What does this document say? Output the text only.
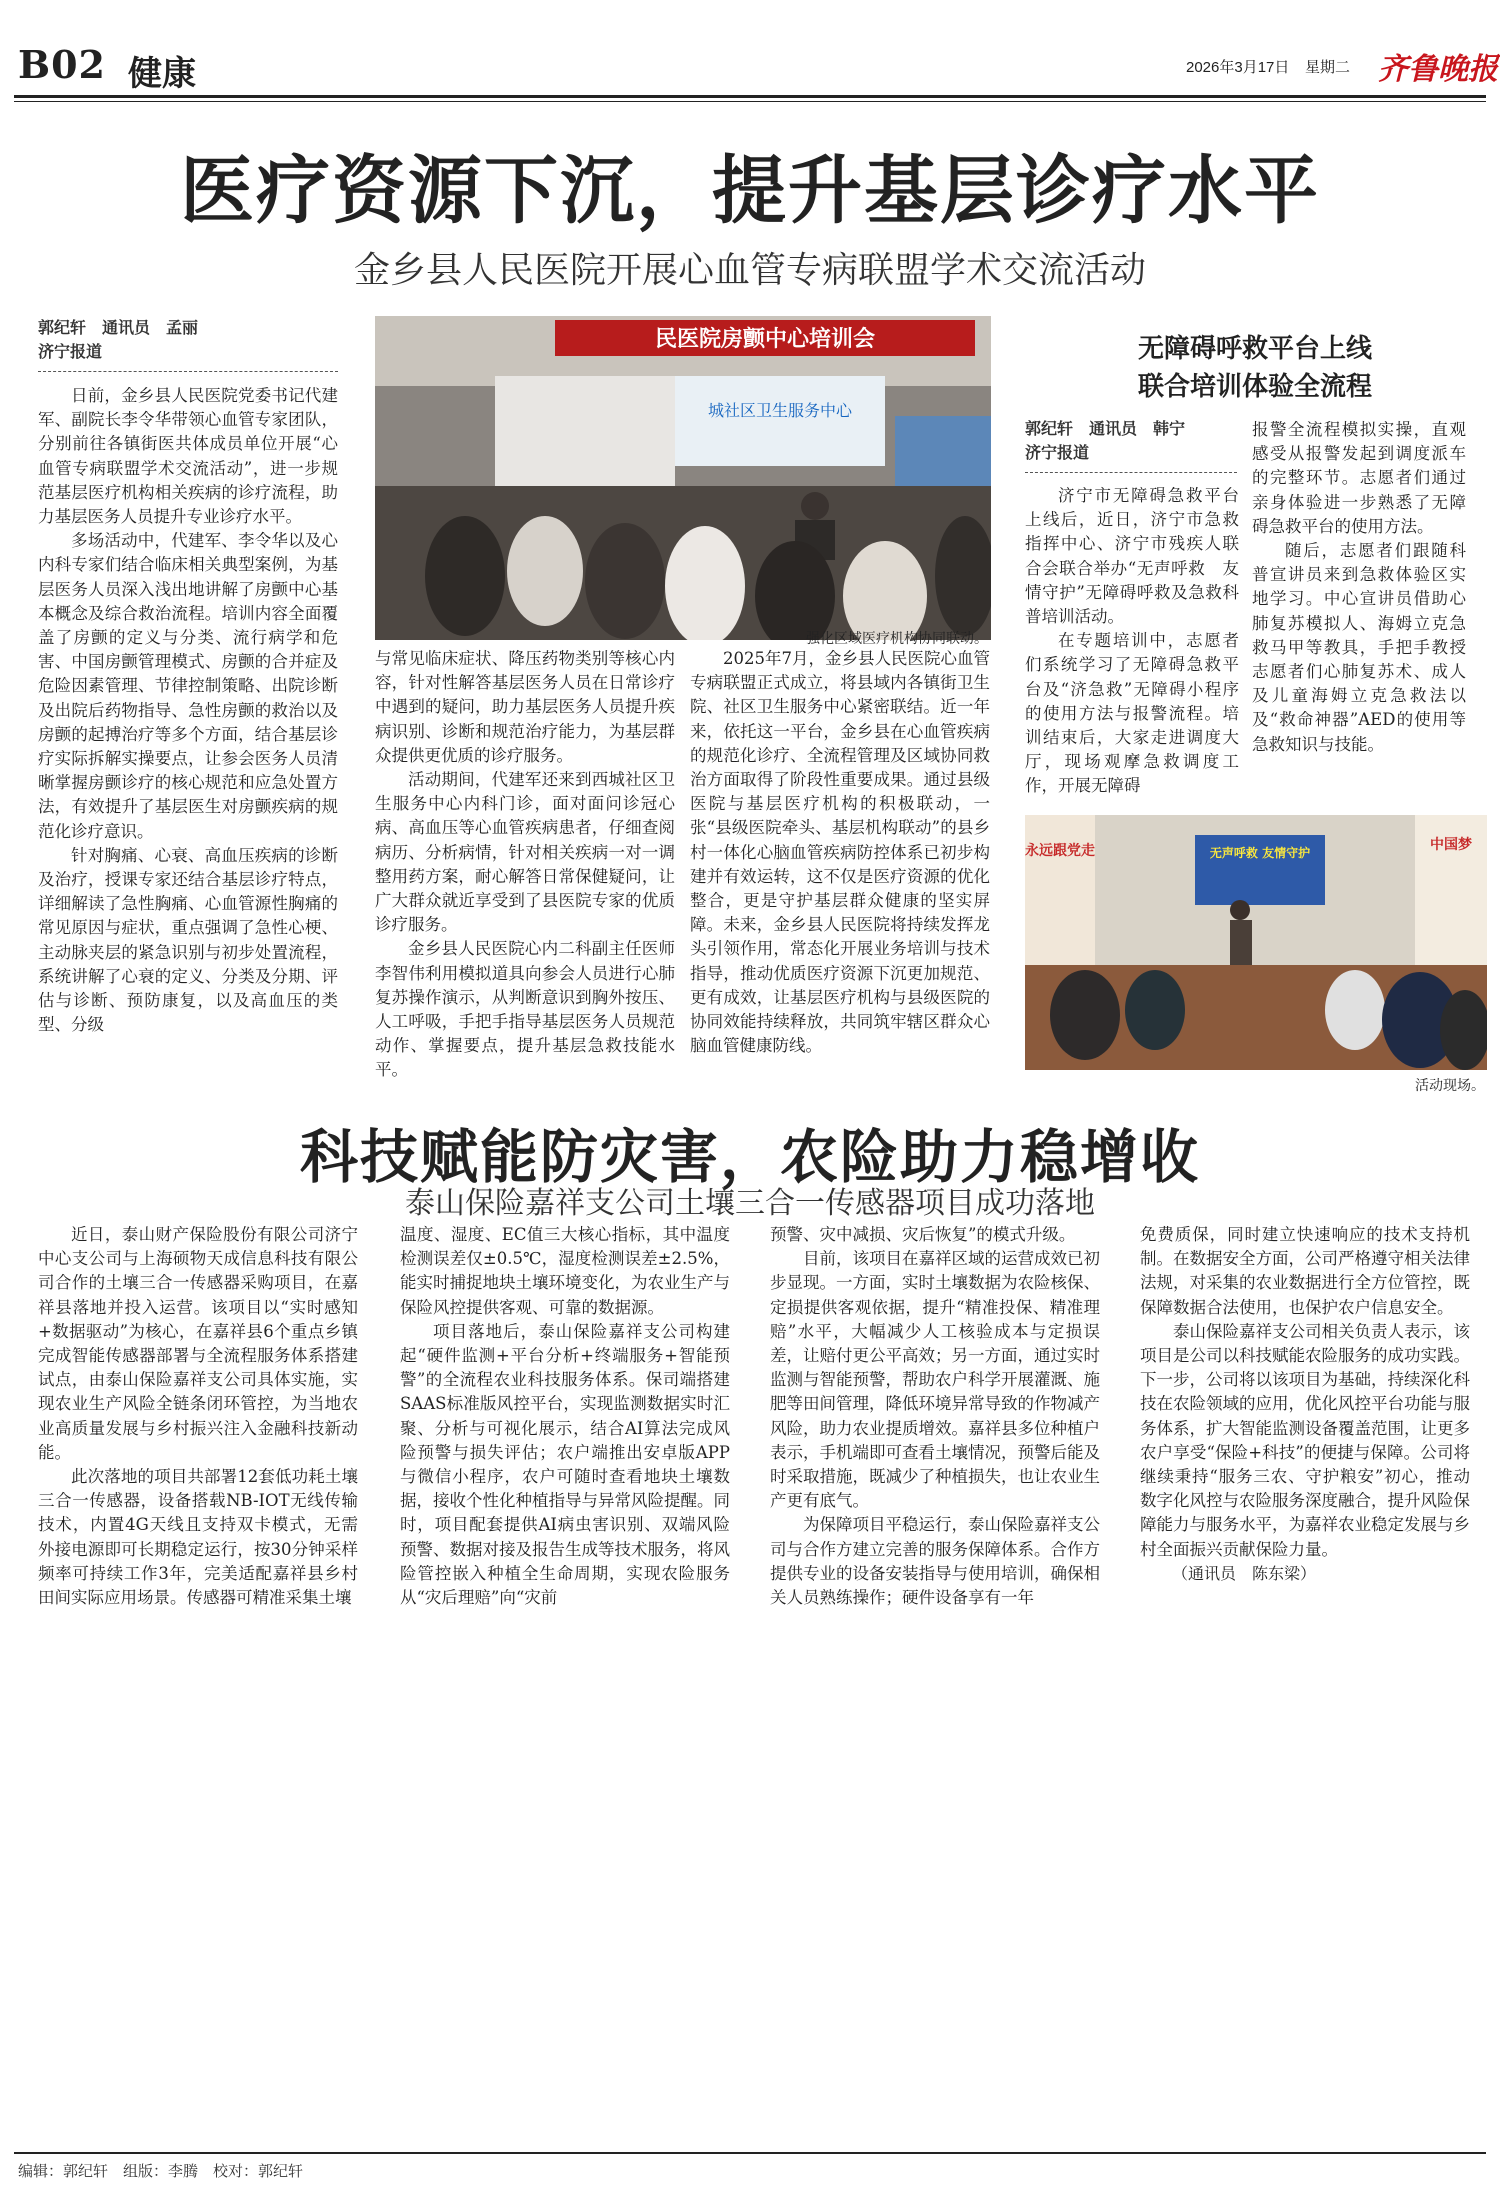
B02 健康	2026年3月17日 星期二 齐鲁晚报
医疗资源下沉，提升基层诊疗水平
金乡县人民医院开展心血管专病联盟学术交流活动
郭纪轩　通讯员　孟丽
济宁报道

日前，金乡县人民医院党委书记代建军、副院长李令华带领心血管专家团队，分别前往各镇街医共体成员单位开展“心血管专病联盟学术交流活动”，进一步规范基层医疗机构相关疾病的诊疗流程，助力基层医务人员提升专业诊疗水平。

多场活动中，代建军、李令华以及心内科专家们结合临床相关典型案例，为基层医务人员深入浅出地讲解了房颤中心基本概念及综合救治流程。培训内容全面覆盖了房颤的定义与分类、流行病学和危害、中国房颤管理模式、房颤的合并症及危险因素管理、节律控制策略、出院诊断及出院后药物指导、急性房颤的救治以及房颤的起搏治疗等多个方面，结合基层诊疗实际拆解实操要点，让参会医务人员清晰掌握房颤诊疗的核心规范和应急处置方法，有效提升了基层医生对房颤疾病的规范化诊疗意识。

针对胸痛、心衰、高血压疾病的诊断及治疗，授课专家还结合基层诊疗特点，详细解读了急性胸痛、心血管源性胸痛的常见原因与症状，重点强调了急性心梗、主动脉夹层的紧急识别与初步处置流程，系统讲解了心衰的定义、分类及分期、评估与诊断、预防康复，以及高血压的类型、分级

民医院房颤中心培训会
城社区卫生服务中心
强化区域医疗机构协同联动。

与常见临床症状、降压药物类别等核心内容，针对性解答基层医务人员在日常诊疗中遇到的疑问，助力基层医务人员提升疾病识别、诊断和规范治疗能力，为基层群众提供更优质的诊疗服务。

活动期间，代建军还来到西城社区卫生服务中心内科门诊，面对面问诊冠心病、高血压等心血管疾病患者，仔细查阅病历、分析病情，针对相关疾病一对一调整用药方案，耐心解答日常保健疑问，让广大群众就近享受到了县医院专家的优质诊疗服务。

金乡县人民医院心内二科副主任医师李智伟利用模拟道具向参会人员进行心肺复苏操作演示，从判断意识到胸外按压、人工呼吸，手把手指导基层医务人员规范动作、掌握要点，提升基层急救技能水平。

2025年7月，金乡县人民医院心血管专病联盟正式成立，将县域内各镇街卫生院、社区卫生服务中心紧密联结。近一年来，依托这一平台，金乡县在心血管疾病的规范化诊疗、全流程管理及区域协同救治方面取得了阶段性重要成果。通过县级医院与基层医疗机构的积极联动，一张“县级医院牵头、基层机构联动”的县乡村一体化心脑血管疾病防控体系已初步构建并有效运转，这不仅是医疗资源的优化整合，更是守护基层群众健康的坚实屏障。未来，金乡县人民医院将持续发挥龙头引领作用，常态化开展业务培训与技术指导，推动优质医疗资源下沉更加规范、更有成效，让基层医疗机构与县级医院的协同效能持续释放，共同筑牢辖区群众心脑血管健康防线。

无障碍呼救平台上线
联合培训体验全流程
郭纪轩　通讯员　韩宁
济宁报道

济宁市无障碍急救平台上线后，近日，济宁市急救指挥中心、济宁市残疾人联合会联合举办“无声呼救　友情守护”无障碍呼救及急救科普培训活动。

在专题培训中，志愿者们系统学习了无障碍急救平台及“济急救”无障碍小程序的使用方法与报警流程。培训结束后，大家走进调度大厅，现场观摩急救调度工作，开展无障碍

报警全流程模拟实操，直观感受从报警发起到调度派车的完整环节。志愿者们通过亲身体验进一步熟悉了无障碍急救平台的使用方法。

随后，志愿者们跟随科普宣讲员来到急救体验区实地学习。中心宣讲员借助心肺复苏模拟人、海姆立克急救马甲等教具，手把手教授志愿者们心肺复苏术、成人及儿童海姆立克急救法以及“救命神器”AED的使用等急救知识与技能。

永远跟党走	无声呼救 友情守护	中国梦
活动现场。
科技赋能防灾害，农险助力稳增收
泰山保险嘉祥支公司土壤三合一传感器项目成功落地

近日，泰山财产保险股份有限公司济宁中心支公司与上海硕物天成信息科技有限公司合作的土壤三合一传感器采购项目，在嘉祥县落地并投入运营。该项目以“实时感知+数据驱动”为核心，在嘉祥县6个重点乡镇完成智能传感器部署与全流程服务体系搭建试点，由泰山保险嘉祥支公司具体实施，实现农业生产风险全链条闭环管控，为当地农业高质量发展与乡村振兴注入金融科技新动能。

此次落地的项目共部署12套低功耗土壤三合一传感器，设备搭载NB-IOT无线传输技术，内置4G天线且支持双卡模式，无需外接电源即可长期稳定运行，按30分钟采样频率可持续工作3年，完美适配嘉祥县乡村田间实际应用场景。传感器可精准采集土壤

温度、湿度、EC值三大核心指标，其中温度检测误差仅±0.5℃，湿度检测误差±2.5%，能实时捕捉地块土壤环境变化，为农业生产与保险风控提供客观、可靠的数据源。

项目落地后，泰山保险嘉祥支公司构建起“硬件监测+平台分析+终端服务+智能预警”的全流程农业科技服务体系。保司端搭建SAAS标准版风控平台，实现监测数据实时汇聚、分析与可视化展示，结合AI算法完成风险预警与损失评估；农户端推出安卓版APP与微信小程序，农户可随时查看地块土壤数据，接收个性化种植指导与异常风险提醒。同时，项目配套提供AI病虫害识别、双端风险预警、数据对接及报告生成等技术服务，将风险管控嵌入种植全生命周期，实现农险服务从“灾后理赔”向“灾前

预警、灾中减损、灾后恢复”的模式升级。

目前，该项目在嘉祥区域的运营成效已初步显现。一方面，实时土壤数据为农险核保、定损提供客观依据，提升“精准投保、精准理赔”水平，大幅减少人工核验成本与定损误差，让赔付更公平高效；另一方面，通过实时监测与智能预警，帮助农户科学开展灌溉、施肥等田间管理，降低环境异常导致的作物减产风险，助力农业提质增效。嘉祥县多位种植户表示，手机端即可查看土壤情况，预警后能及时采取措施，既减少了种植损失，也让农业生产更有底气。

为保障项目平稳运行，泰山保险嘉祥支公司与合作方建立完善的服务保障体系。合作方提供专业的设备安装指导与使用培训，确保相关人员熟练操作；硬件设备享有一年

免费质保，同时建立快速响应的技术支持机制。在数据安全方面，公司严格遵守相关法律法规，对采集的农业数据进行全方位管控，既保障数据合法使用，也保护农户信息安全。

泰山保险嘉祥支公司相关负责人表示，该项目是公司以科技赋能农险服务的成功实践。下一步，公司将以该项目为基础，持续深化科技在农险领域的应用，优化风控平台功能与服务体系，扩大智能监测设备覆盖范围，让更多农户享受“保险+科技”的便捷与保障。公司将继续秉持“服务三农、守护粮安”初心，推动数字化风控与农险服务深度融合，提升风险保障能力与服务水平，为嘉祥农业稳定发展与乡村全面振兴贡献保险力量。

（通讯员　陈东梁）
编辑：郭纪轩　组版：李腾　校对：郭纪轩
